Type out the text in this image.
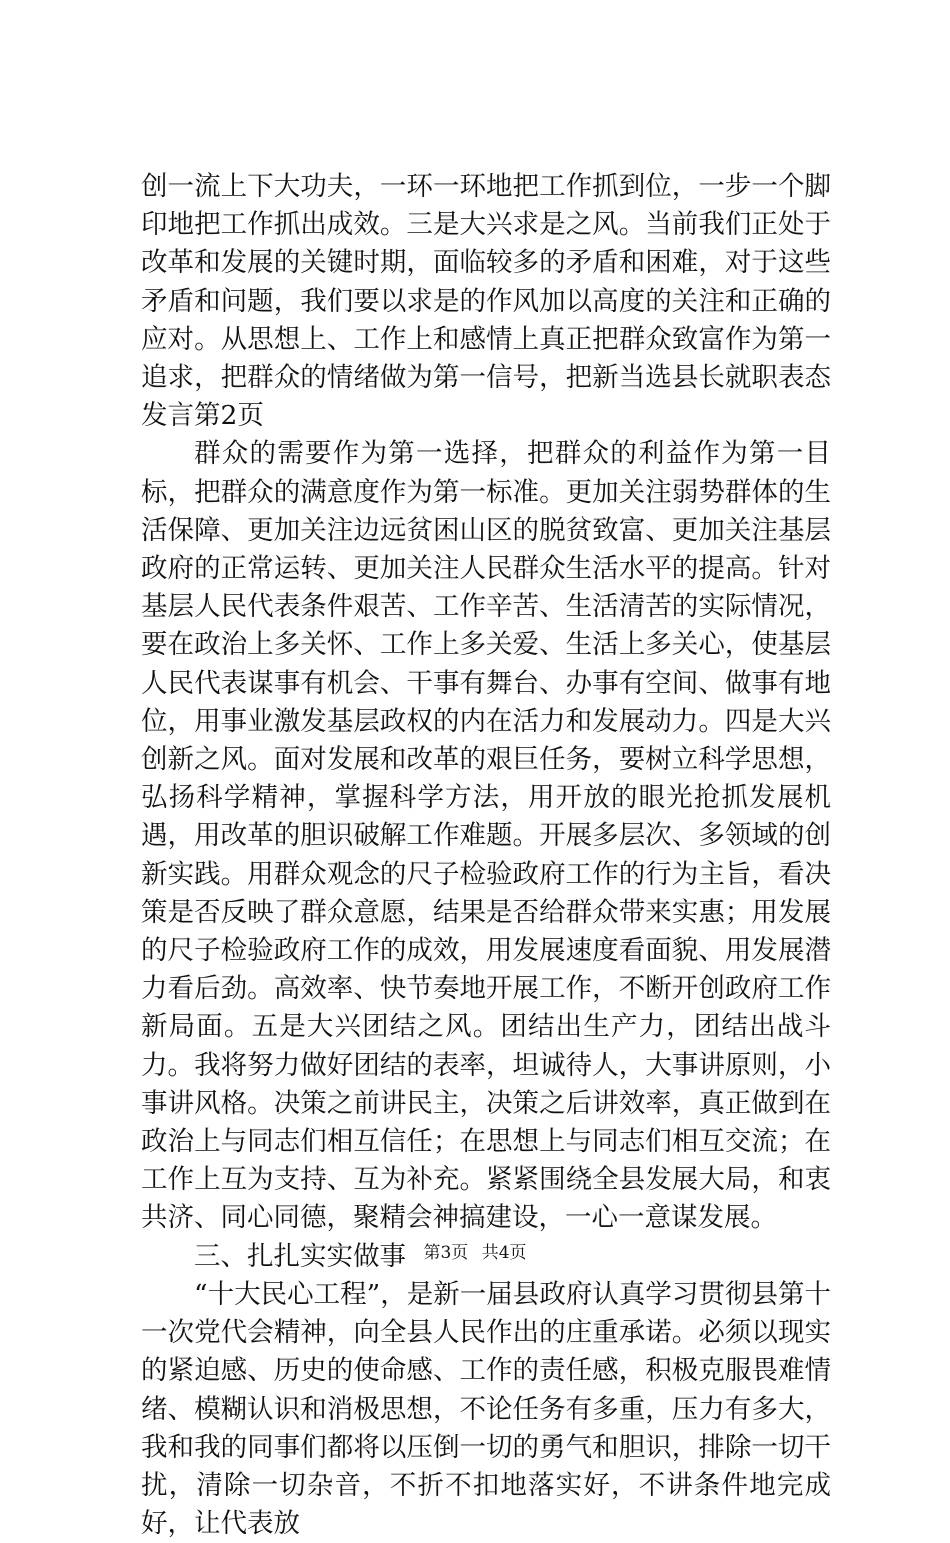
创一流上下大功夫，一环一环地把工作抓到位，一步一个脚印地把工作抓出成效。三是大兴求是之风。当前我们正处于改革和发展的关键时期，面临较多的矛盾和困难，对于这些矛盾和问题，我们要以求是的作风加以高度的关注和正确的应对。从思想上、工作上和感情上真正把群众致富作为第一追求，把群众的情绪做为第一信号，把新当选县长就职表态发言第2页

群众的需要作为第一选择，把群众的利益作为第一目标，把群众的满意度作为第一标准。更加关注弱势群体的生活保障、更加关注边远贫困山区的脱贫致富、更加关注基层政府的正常运转、更加关注人民群众生活水平的提高。针对基层人民代表条件艰苦、工作辛苦、生活清苦的实际情况，要在政治上多关怀、工作上多关爱、生活上多关心，使基层人民代表谋事有机会、干事有舞台、办事有空间、做事有地位，用事业激发基层政权的内在活力和发展动力。四是大兴创新之风。面对发展和改革的艰巨任务，要树立科学思想，弘扬科学精神，掌握科学方法，用开放的眼光抢抓发展机遇，用改革的胆识破解工作难题。开展多层次、多领域的创新实践。用群众观念的尺子检验政府工作的行为主旨，看决策是否反映了群众意愿，结果是否给群众带来实惠；用发展的尺子检验政府工作的成效，用发展速度看面貌、用发展潜力看后劲。高效率、快节奏地开展工作，不断开创政府工作新局面。五是大兴团结之风。团结出生产力，团结出战斗力。我将努力做好团结的表率，坦诚待人，大事讲原则，小事讲风格。决策之前讲民主，决策之后讲效率，真正做到在政治上与同志们相互信任；在思想上与同志们相互交流；在工作上互为支持、互为补充。紧紧围绕全县发展大局，和衷共济、同心同德，聚精会神搞建设，一心一意谋发展。

三、扎扎实实做事

“十大民心工程”，是新一届县政府认真学习贯彻县第十一次党代会精神，向全县人民作出的庄重承诺。必须以现实的紧迫感、历史的使命感、工作的责任感，积极克服畏难情绪、模糊认识和消极思想，不论任务有多重，压力有多大，我和我的同事们都将以压倒一切的勇气和胆识，排除一切干扰，清除一切杂音，不折不扣地落实好，不讲条件地完成好，让代表放

第3页 共4页
